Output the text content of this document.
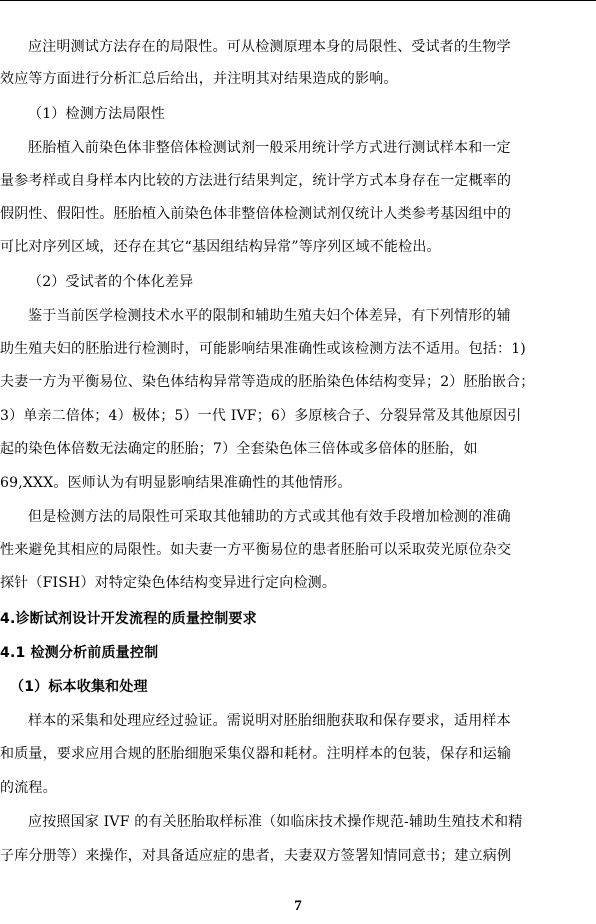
应注明测试方法存在的局限性。可从检测原理本身的局限性、受试者的生物学
效应等方面进行分析汇总后给出，并注明其对结果造成的影响。
（1）检测方法局限性
胚胎植入前染色体非整倍体检测试剂一般采用统计学方式进行测试样本和一定
量参考样或自身样本内比较的方法进行结果判定，统计学方式本身存在一定概率的
假阴性、假阳性。胚胎植入前染色体非整倍体检测试剂仅统计人类参考基因组中的
可比对序列区域，还存在其它“基因组结构异常”等序列区域不能检出。
（2）受试者的个体化差异
鉴于当前医学检测技术水平的限制和辅助生殖夫妇个体差异，有下列情形的辅
助生殖夫妇的胚胎进行检测时，可能影响结果准确性或该检测方法不适用。包括：1)
夫妻一方为平衡易位、染色体结构异常等造成的胚胎染色体结构变异；2）胚胎嵌合；
3）单亲二倍体；4）极体；5）一代 IVF；6）多原核合子、分裂异常及其他原因引
起的染色体倍数无法确定的胚胎；7）全套染色体三倍体或多倍体的胚胎，如
69,XXX。医师认为有明显影响结果准确性的其他情形。
但是检测方法的局限性可采取其他辅助的方式或其他有效手段增加检测的准确
性来避免其相应的局限性。如夫妻一方平衡易位的患者胚胎可以采取荧光原位杂交
探针（FISH）对特定染色体结构变异进行定向检测。
4.诊断试剂设计开发流程的质量控制要求
4.1 检测分析前质量控制
（1）标本收集和处理
样本的采集和处理应经过验证。需说明对胚胎细胞获取和保存要求，适用样本
和质量，要求应用合规的胚胎细胞采集仪器和耗材。注明样本的包装，保存和运输
的流程。
应按照国家 IVF 的有关胚胎取样标准（如临床技术操作规范-辅助生殖技术和精
子库分册等）来操作，对具备适应症的患者，夫妻双方签署知情同意书；建立病例
7
